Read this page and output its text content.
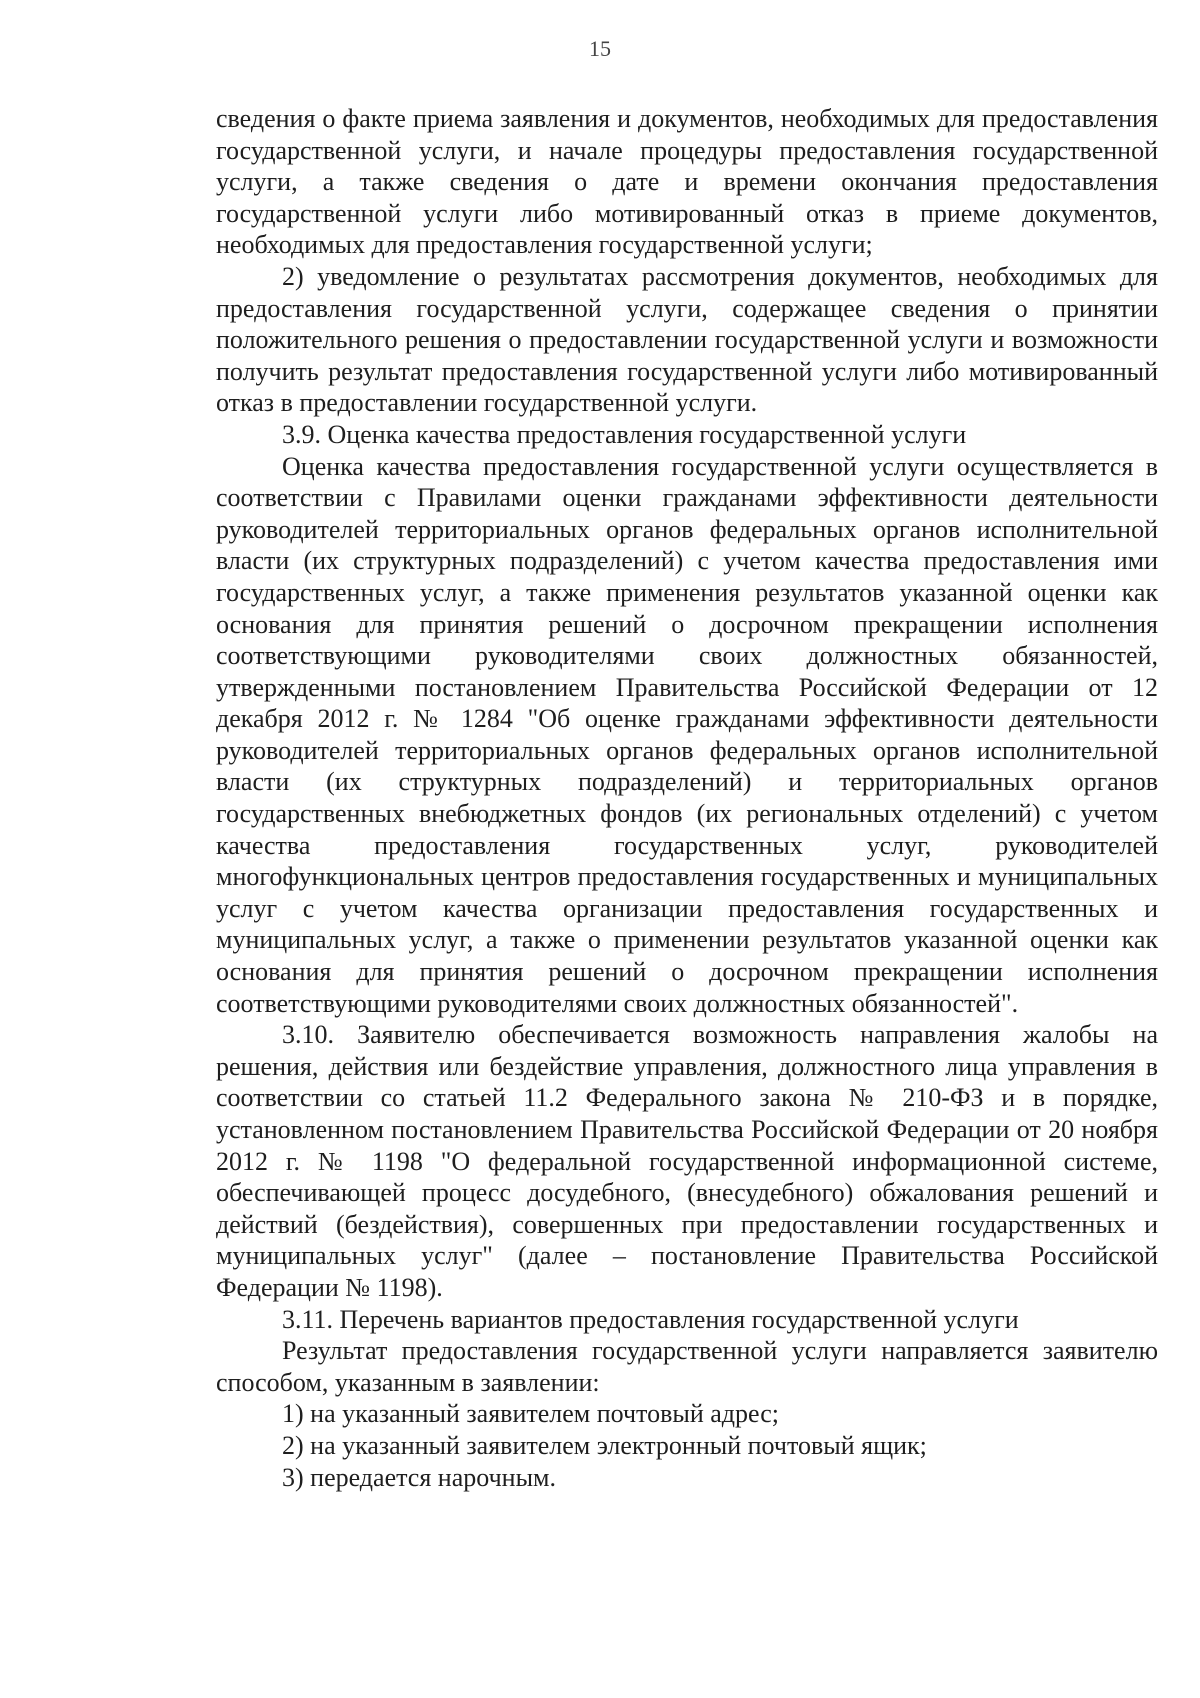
15

сведения о факте приема заявления и документов, необходимых для предоставления государственной услуги, и начале процедуры предоставления государственной услуги, а также сведения о дате и времени окончания предоставления государственной услуги либо мотивированный отказ в приеме документов, необходимых для предоставления государственной услуги;

2) уведомление о результатах рассмотрения документов, необходимых для предоставления государственной услуги, содержащее сведения о принятии положительного решения о предоставлении государственной услуги и возможности получить результат предоставления государственной услуги либо мотивированный отказ в предоставлении государственной услуги.

3.9. Оценка качества предоставления государственной услуги

Оценка качества предоставления государственной услуги осуществляется в соответствии с Правилами оценки гражданами эффективности деятельности руководителей территориальных органов федеральных органов исполнительной власти (их структурных подразделений) с учетом качества предоставления ими государственных услуг, а также применения результатов указанной оценки как основания для принятия решений о досрочном прекращении исполнения соответствующими руководителями своих должностных обязанностей, утвержденными постановлением Правительства Российской Федерации от 12 декабря 2012 г. № 1284 "Об оценке гражданами эффективности деятельности руководителей территориальных органов федеральных органов исполнительной власти (их структурных подразделений) и территориальных органов государственных внебюджетных фондов (их региональных отделений) с учетом качества предоставления государственных услуг, руководителей многофункциональных центров предоставления государственных и муниципальных услуг с учетом качества организации предоставления государственных и муниципальных услуг, а также о применении результатов указанной оценки как основания для принятия решений о досрочном прекращении исполнения соответствующими руководителями своих должностных обязанностей".

3.10. Заявителю обеспечивается возможность направления жалобы на решения, действия или бездействие управления, должностного лица управления в соответствии со статьей 11.2 Федерального закона № 210-ФЗ и в порядке, установленном постановлением Правительства Российской Федерации от 20 ноября 2012 г. № 1198 "О федеральной государственной информационной системе, обеспечивающей процесс досудебного, (внесудебного) обжалования решений и действий (бездействия), совершенных при предоставлении государственных и муниципальных услуг" (далее – постановление Правительства Российской Федерации № 1198).

3.11. Перечень вариантов предоставления государственной услуги

Результат предоставления государственной услуги направляется заявителю способом, указанным в заявлении:

1) на указанный заявителем почтовый адрес;

2) на указанный заявителем электронный почтовый ящик;

3) передается нарочным.
